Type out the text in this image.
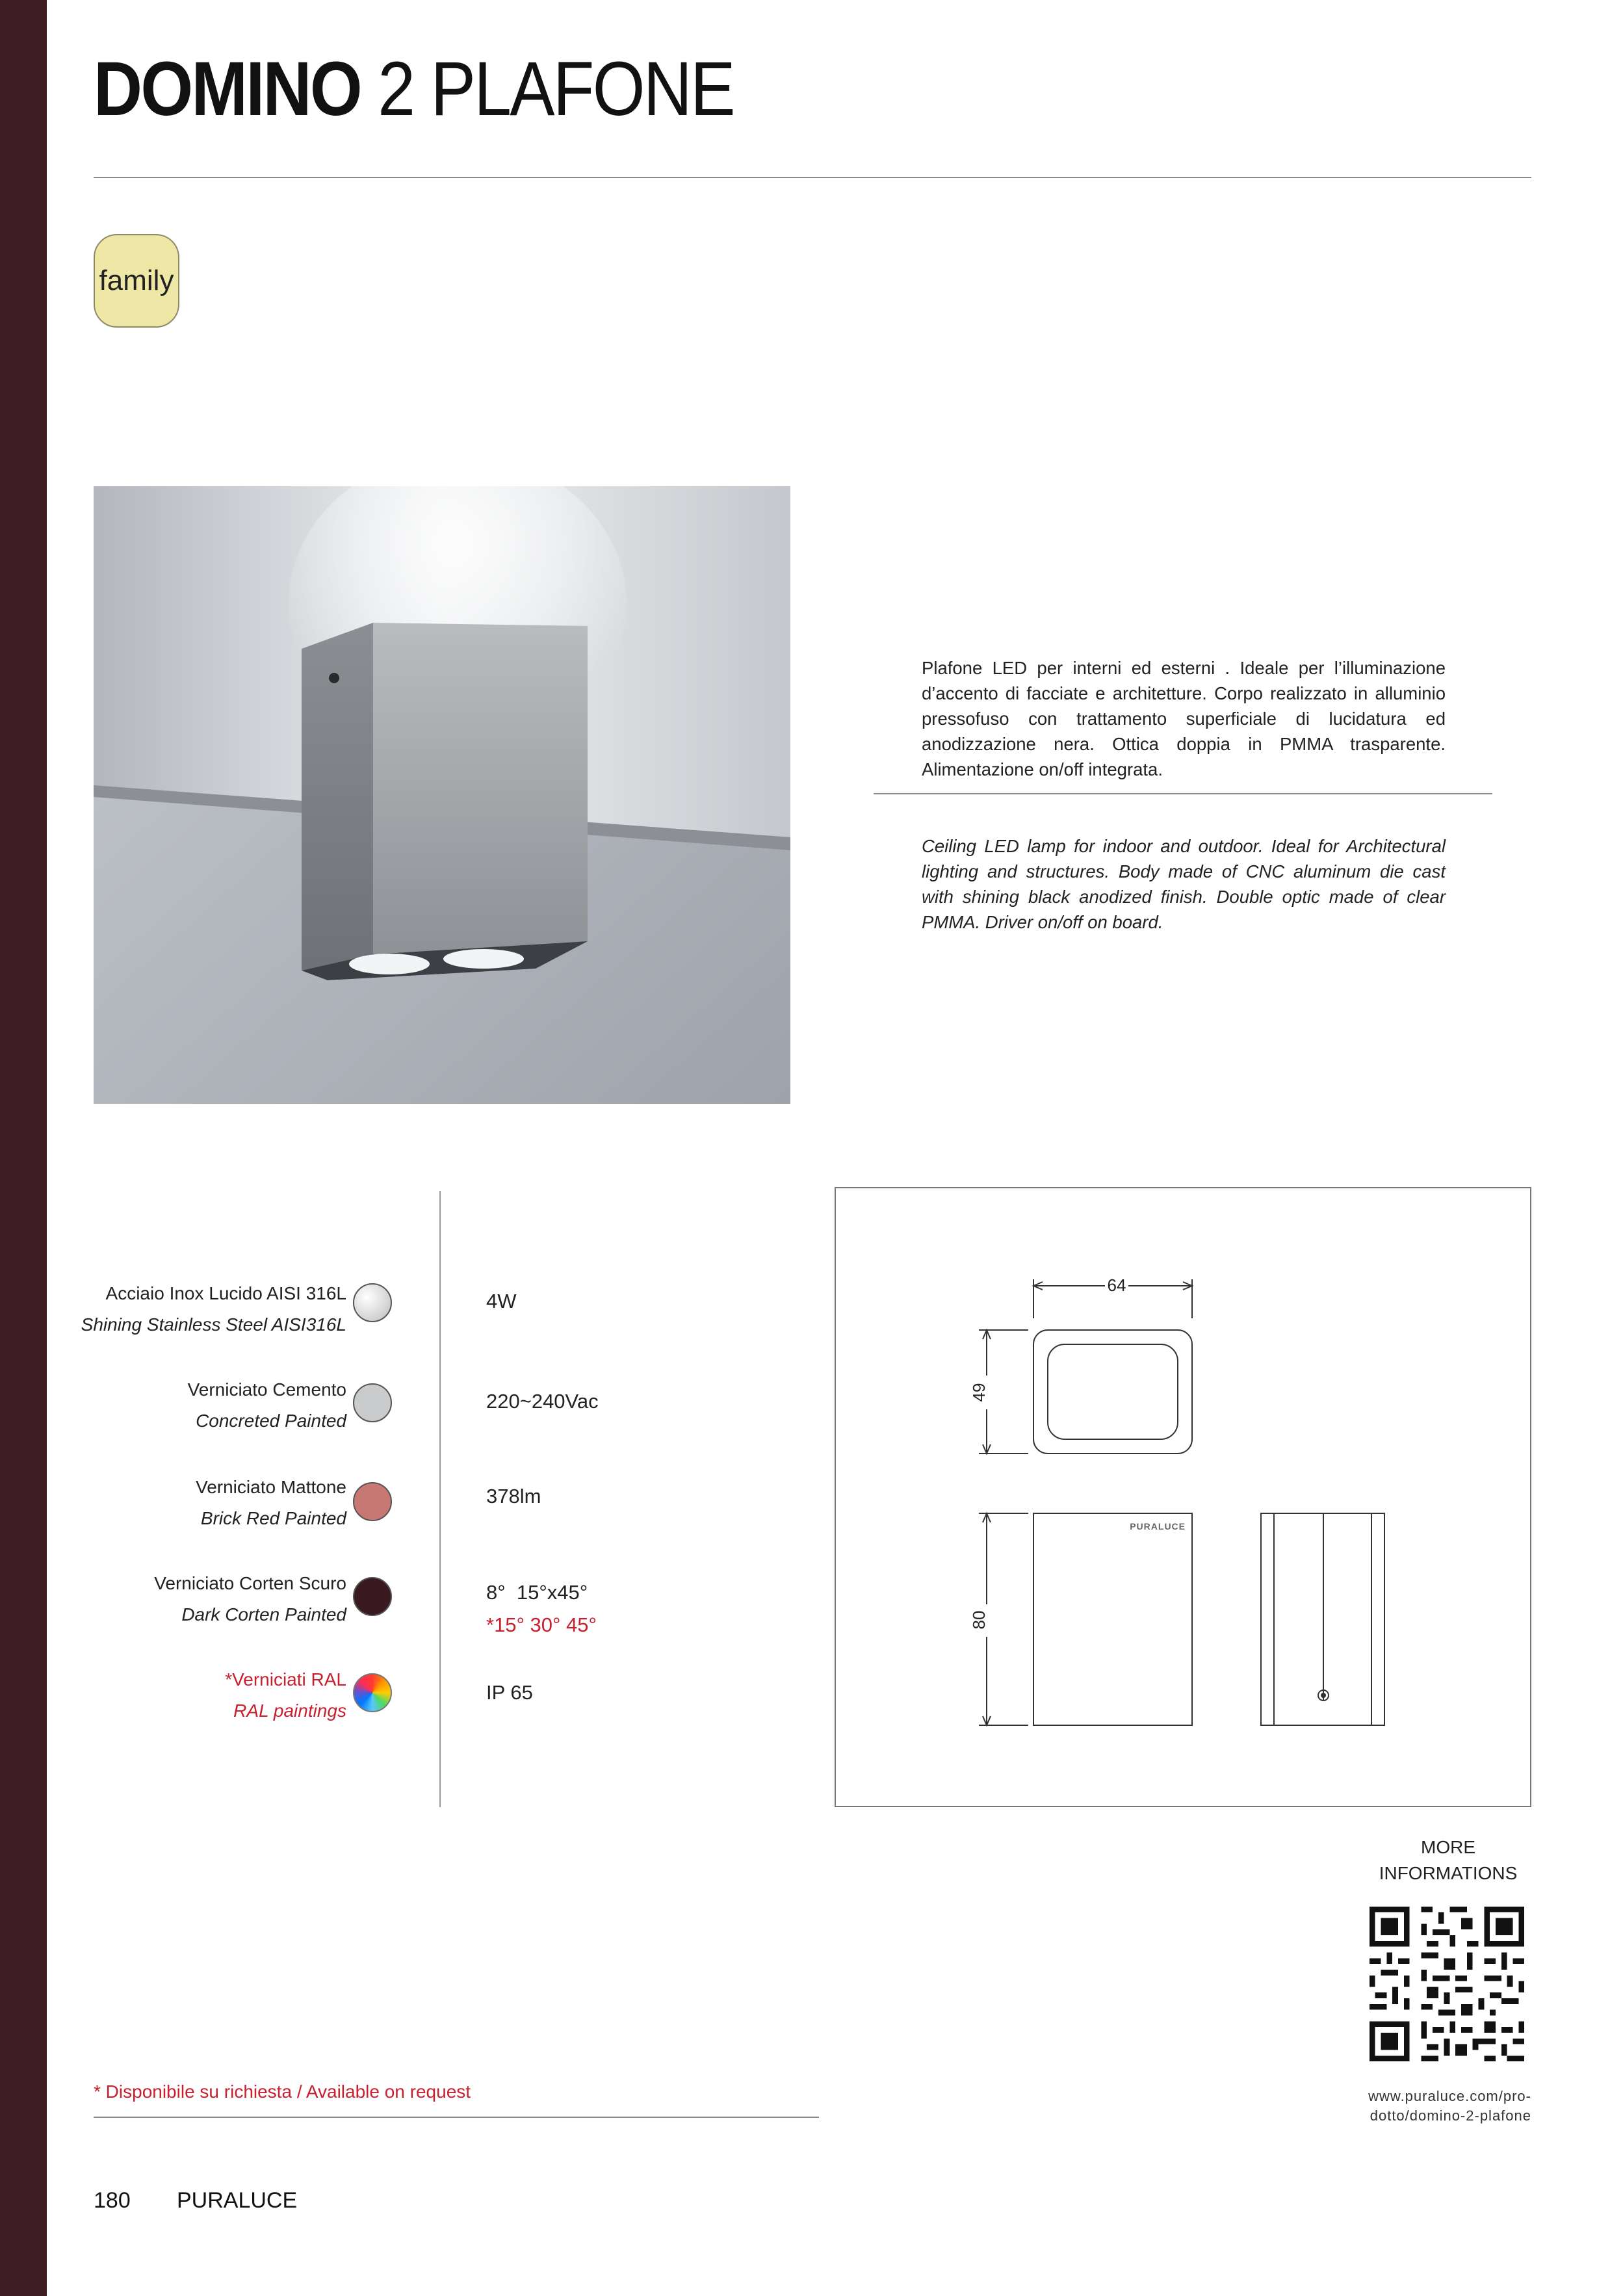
DOMINO 2 PLAFONE
family

Plafone LED per interni ed esterni . Ideale per l’illuminazione d’accento di facciate e architetture. Corpo realizzato in alluminio pressofuso con trattamento superficiale di lucidatura ed anodizzazione nera. Ottica doppia in PMMA trasparente. Alimentazione on/off integrata.

Ceiling LED lamp for indoor and outdoor. Ideal for Architectural lighting and structures. Body made of CNC aluminum die cast with shining black anodized finish. Double optic made of clear PMMA. Driver on/off on board.

Acciaio Inox Lucido AISI 316L
Shining Stainless Steel AISI316L
Verniciato Cemento
Concreted Painted
Verniciato Mattone
Brick Red Painted
Verniciato Corten Scuro
Dark Corten Painted
*Verniciati RAL
RAL paintings
4W
220~240Vac
378lm
8°  15°x45°
*15° 30° 45°
IP 65
64
49
80
PURALUCE
MORE
INFORMATIONS
www.puraluce.com/pro-
dotto/domino-2-plafone
* Disponibile su richiesta / Available on request
180 PURALUCE
